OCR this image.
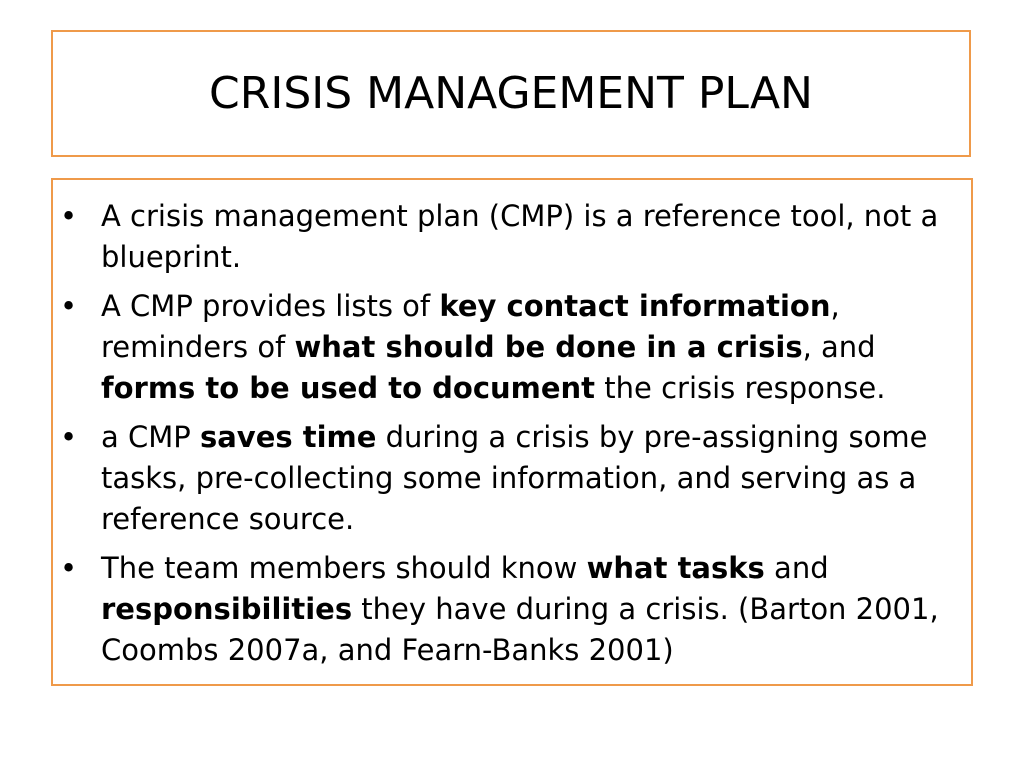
CRISIS MANAGEMENT PLAN
• A crisis management plan (CMP) is a reference tool, not a blueprint.
• A CMP provides lists of key contact information, reminders of what should be done in a crisis, and forms to be used to document the crisis response.
• a CMP saves time during a crisis by pre-assigning some tasks, pre-collecting some information, and serving as a reference source.
• The team members should know what tasks and responsibilities they have during a crisis. (Barton 2001, Coombs 2007a, and Fearn-Banks 2001)
